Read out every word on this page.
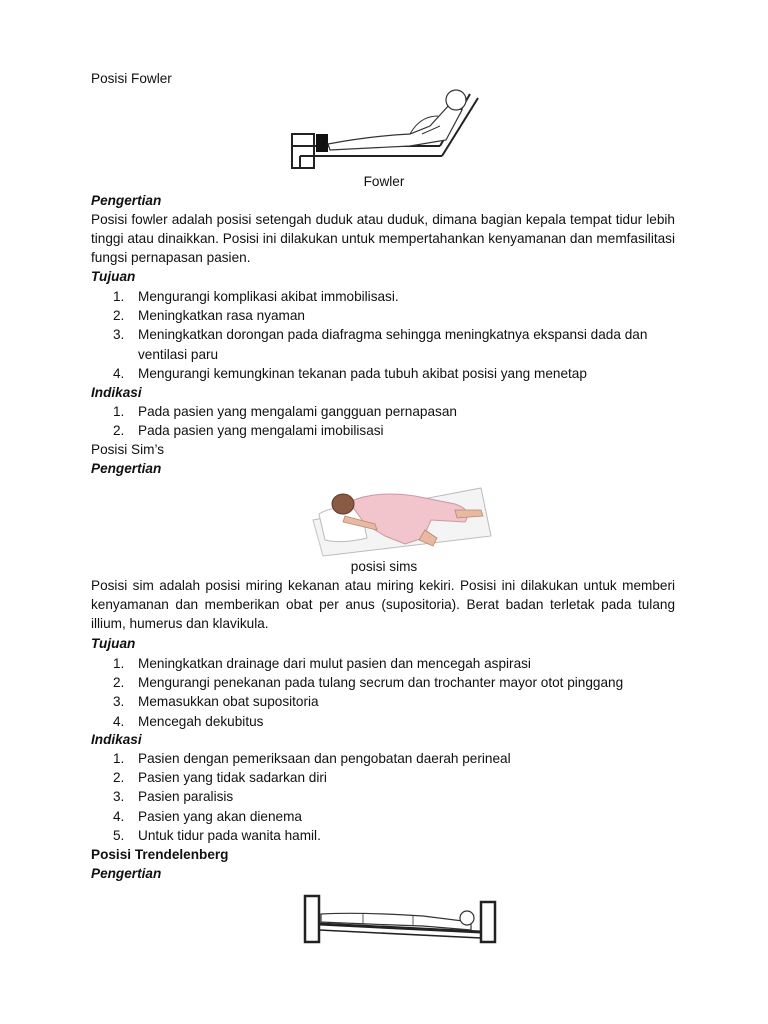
Posisi Fowler
Fowler
Pengertian
Posisi fowler adalah posisi setengah duduk atau duduk, dimana bagian kepala tempat tidur lebih tinggi atau dinaikkan. Posisi ini dilakukan untuk mempertahankan kenyamanan dan memfasilitasi fungsi pernapasan pasien.
Tujuan
1. Mengurangi komplikasi akibat immobilisasi.
2. Meningkatkan rasa nyaman
3. Meningkatkan dorongan pada diafragma sehingga meningkatnya ekspansi dada dan ventilasi paru
4. Mengurangi kemungkinan tekanan pada tubuh akibat posisi yang menetap
Indikasi
1. Pada pasien yang mengalami gangguan pernapasan
2. Pada pasien yang mengalami imobilisasi
Posisi Sim’s
Pengertian
posisi sims
Posisi sim adalah posisi miring kekanan atau miring kekiri. Posisi ini dilakukan untuk memberi kenyamanan dan memberikan obat per anus (supositoria). Berat badan terletak pada tulang illium, humerus dan klavikula.
Tujuan
1. Meningkatkan drainage dari mulut pasien dan mencegah aspirasi
2. Mengurangi penekanan pada tulang secrum dan trochanter mayor otot pinggang
3. Memasukkan obat supositoria
4. Mencegah dekubitus
Indikasi
1. Pasien dengan pemeriksaan dan pengobatan daerah perineal
2. Pasien yang tidak sadarkan diri
3. Pasien paralisis
4. Pasien yang akan dienema
5. Untuk tidur pada wanita hamil.
Posisi Trendelenberg
Pengertian
